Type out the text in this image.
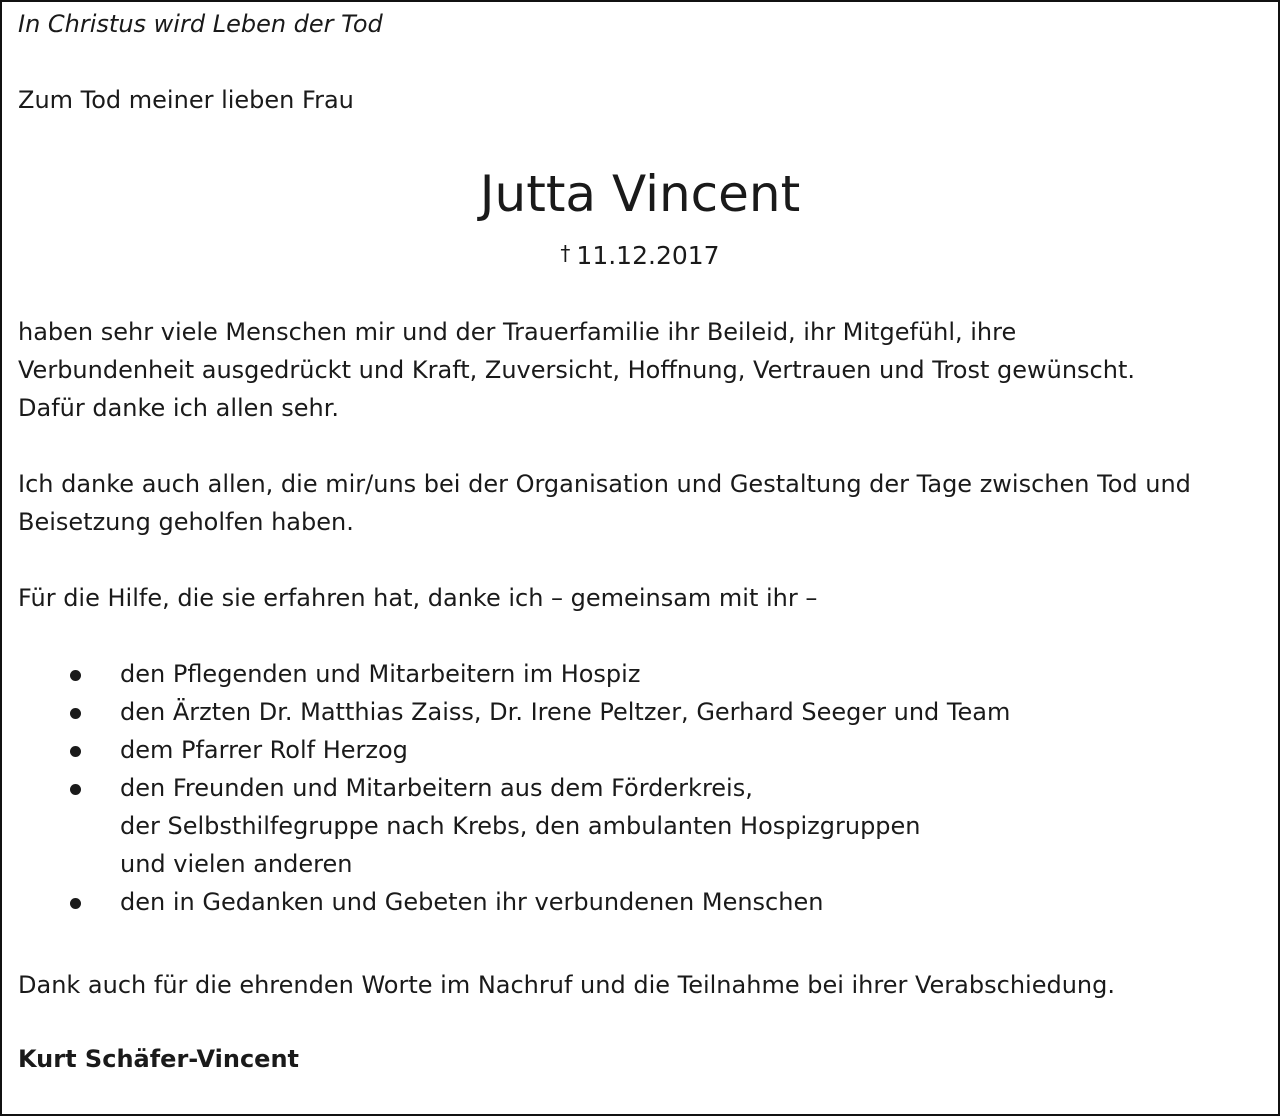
In Christus wird Leben der Tod
Zum Tod meiner lieben Frau
Jutta Vincent
† 11.12.2017

haben sehr viele Menschen mir und der Trauerfamilie ihr Beileid, ihr Mitgefühl, ihre
Verbundenheit ausgedrückt und Kraft, Zuversicht, Hoffnung, Vertrauen und Trost gewünscht.
Dafür danke ich allen sehr.

Ich danke auch allen, die mir/uns bei der Organisation und Gestaltung der Tage zwischen Tod und
Beisetzung geholfen haben.

Für die Hilfe, die sie erfahren hat, danke ich – gemeinsam mit ihr –

den Pflegenden und Mitarbeitern im Hospiz
den Ärzten Dr. Matthias Zaiss, Dr. Irene Peltzer, Gerhard Seeger und Team
dem Pfarrer Rolf Herzog
den Freunden und Mitarbeitern aus dem Förderkreis,
der Selbsthilfegruppe nach Krebs, den ambulanten Hospizgruppen
und vielen anderen
den in Gedanken und Gebeten ihr verbundenen Menschen

Dank auch für die ehrenden Worte im Nachruf und die Teilnahme bei ihrer Verabschiedung.

Kurt Schäfer-Vincent
